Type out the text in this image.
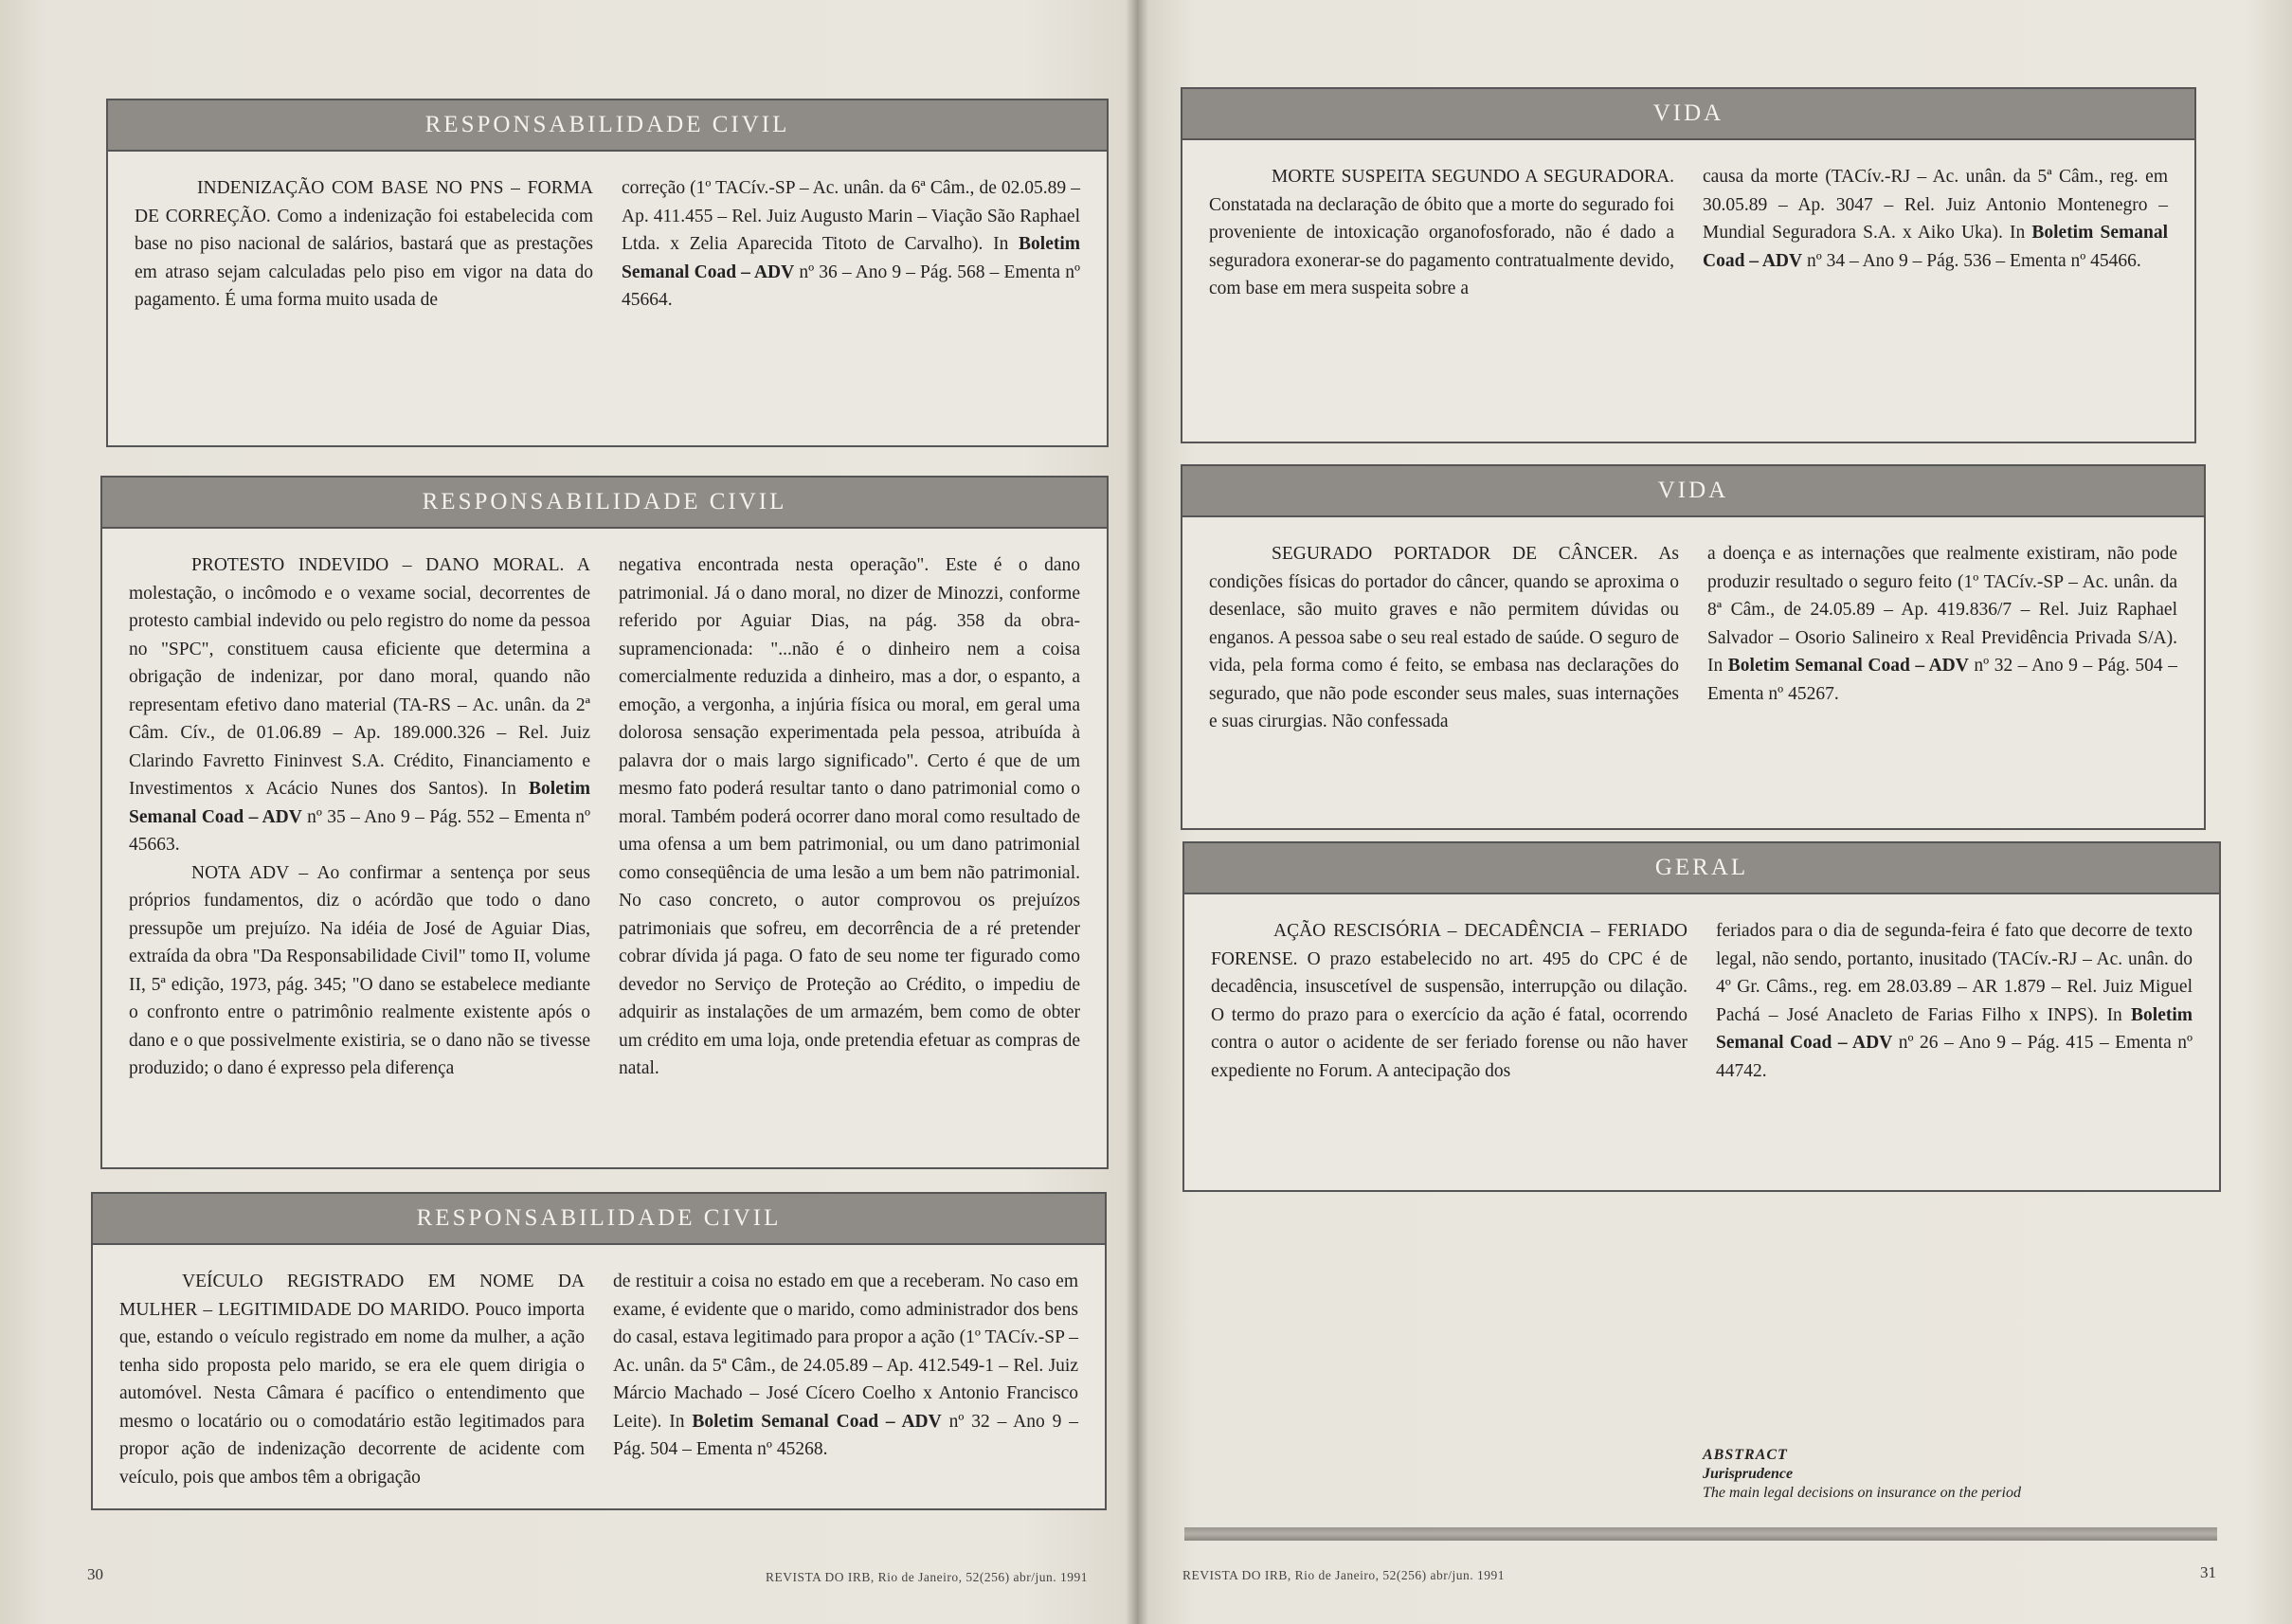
RESPONSABILIDADE CIVIL

INDENIZAÇÃO COM BASE NO PNS – FORMA DE CORREÇÃO. Como a indenização foi estabelecida com base no piso nacional de salários, bastará que as prestações em atraso sejam calculadas pelo piso em vigor na data do pagamento. É uma forma muito usada de

correção (1º TACív.-SP – Ac. unân. da 6ª Câm., de 02.05.89 – Ap. 411.455 – Rel. Juiz Augusto Marin – Viação São Raphael Ltda. x Zelia Aparecida Titoto de Carvalho). In Boletim Semanal Coad – ADV nº 36 – Ano 9 – Pág. 568 – Ementa nº 45664.

RESPONSABILIDADE CIVIL

PROTESTO INDEVIDO – DANO MORAL. A molestação, o incômodo e o vexame social, decorrentes de protesto cambial indevido ou pelo registro do nome da pessoa no "SPC", constituem causa eficiente que determina a obrigação de indenizar, por dano moral, quando não representam efetivo dano material (TA-RS – Ac. unân. da 2ª Câm. Cív., de 01.06.89 – Ap. 189.000.326 – Rel. Juiz Clarindo Favretto Fininvest S.A. Crédito, Financiamento e Investimentos x Acácio Nunes dos Santos). In Boletim Semanal Coad – ADV nº 35 – Ano 9 – Pág. 552 – Ementa nº 45663.

NOTA ADV – Ao confirmar a sentença por seus próprios fundamentos, diz o acórdão que todo o dano pressupõe um prejuízo. Na idéia de José de Aguiar Dias, extraída da obra "Da Responsabilidade Civil" tomo II, volume II, 5ª edição, 1973, pág. 345; "O dano se estabelece mediante o confronto entre o patrimônio realmente existente após o dano e o que possivelmente existiria, se o dano não se tivesse produzido; o dano é expresso pela diferença

negativa encontrada nesta operação". Este é o dano patrimonial. Já o dano moral, no dizer de Minozzi, conforme referido por Aguiar Dias, na pág. 358 da obra-supramencionada: "...não é o dinheiro nem a coisa comercialmente reduzida a dinheiro, mas a dor, o espanto, a emoção, a vergonha, a injúria física ou moral, em geral uma dolorosa sensação experimentada pela pessoa, atribuída à palavra dor o mais largo significado". Certo é que de um mesmo fato poderá resultar tanto o dano patrimonial como o moral. Também poderá ocorrer dano moral como resultado de uma ofensa a um bem patrimonial, ou um dano patrimonial como conseqüência de uma lesão a um bem não patrimonial. No caso concreto, o autor comprovou os prejuízos patrimoniais que sofreu, em decorrência de a ré pretender cobrar dívida já paga. O fato de seu nome ter figurado como devedor no Serviço de Proteção ao Crédito, o impediu de adquirir as instalações de um armazém, bem como de obter um crédito em uma loja, onde pretendia efetuar as compras de natal.

RESPONSABILIDADE CIVIL

VEÍCULO REGISTRADO EM NOME DA MULHER – LEGITIMIDADE DO MARIDO. Pouco importa que, estando o veículo registrado em nome da mulher, a ação tenha sido proposta pelo marido, se era ele quem dirigia o automóvel. Nesta Câmara é pacífico o entendimento que mesmo o locatário ou o comodatário estão legitimados para propor ação de indenização decorrente de acidente com veículo, pois que ambos têm a obrigação

de restituir a coisa no estado em que a receberam. No caso em exame, é evidente que o marido, como administrador dos bens do casal, estava legitimado para propor a ação (1º TACív.-SP – Ac. unân. da 5ª Câm., de 24.05.89 – Ap. 412.549-1 – Rel. Juiz Márcio Machado – José Cícero Coelho x Antonio Francisco Leite). In Boletim Semanal Coad – ADV nº 32 – Ano 9 – Pág. 504 – Ementa nº 45268.

VIDA

MORTE SUSPEITA SEGUNDO A SEGURADORA. Constatada na declaração de óbito que a morte do segurado foi proveniente de intoxicação organofosforado, não é dado a seguradora exonerar-se do pagamento contratualmente devido, com base em mera suspeita sobre a

causa da morte (TACív.-RJ – Ac. unân. da 5ª Câm., reg. em 30.05.89 – Ap. 3047 – Rel. Juiz Antonio Montenegro – Mundial Seguradora S.A. x Aiko Uka). In Boletim Semanal Coad – ADV nº 34 – Ano 9 – Pág. 536 – Ementa nº 45466.

VIDA

SEGURADO PORTADOR DE CÂNCER. As condições físicas do portador do câncer, quando se aproxima o desenlace, são muito graves e não permitem dúvidas ou enganos. A pessoa sabe o seu real estado de saúde. O seguro de vida, pela forma como é feito, se embasa nas declarações do segurado, que não pode esconder seus males, suas internações e suas cirurgias. Não confessada

a doença e as internações que realmente existiram, não pode produzir resultado o seguro feito (1º TACív.-SP – Ac. unân. da 8ª Câm., de 24.05.89 – Ap. 419.836/7 – Rel. Juiz Raphael Salvador – Osorio Salineiro x Real Previdência Privada S/A). In Boletim Semanal Coad – ADV nº 32 – Ano 9 – Pág. 504 – Ementa nº 45267.

GERAL

AÇÃO RESCISÓRIA – DECADÊNCIA – FERIADO FORENSE. O prazo estabelecido no art. 495 do CPC é de decadência, insuscetível de suspensão, interrupção ou dilação. O termo do prazo para o exercício da ação é fatal, ocorrendo contra o autor o acidente de ser feriado forense ou não haver expediente no Forum. A antecipação dos

feriados para o dia de segunda-feira é fato que decorre de texto legal, não sendo, portanto, inusitado (TACív.-RJ – Ac. unân. do 4º Gr. Câms., reg. em 28.03.89 – AR 1.879 – Rel. Juiz Miguel Pachá – José Anacleto de Farias Filho x INPS). In Boletim Semanal Coad – ADV nº 26 – Ano 9 – Pág. 415 – Ementa nº 44742.

ABSTRACT
Jurisprudence
The main legal decisions on insurance on the period
30	REVISTA DO IRB, Rio de Janeiro, 52(256) abr/jun. 1991	REVISTA DO IRB, Rio de Janeiro, 52(256) abr/jun. 1991	31
